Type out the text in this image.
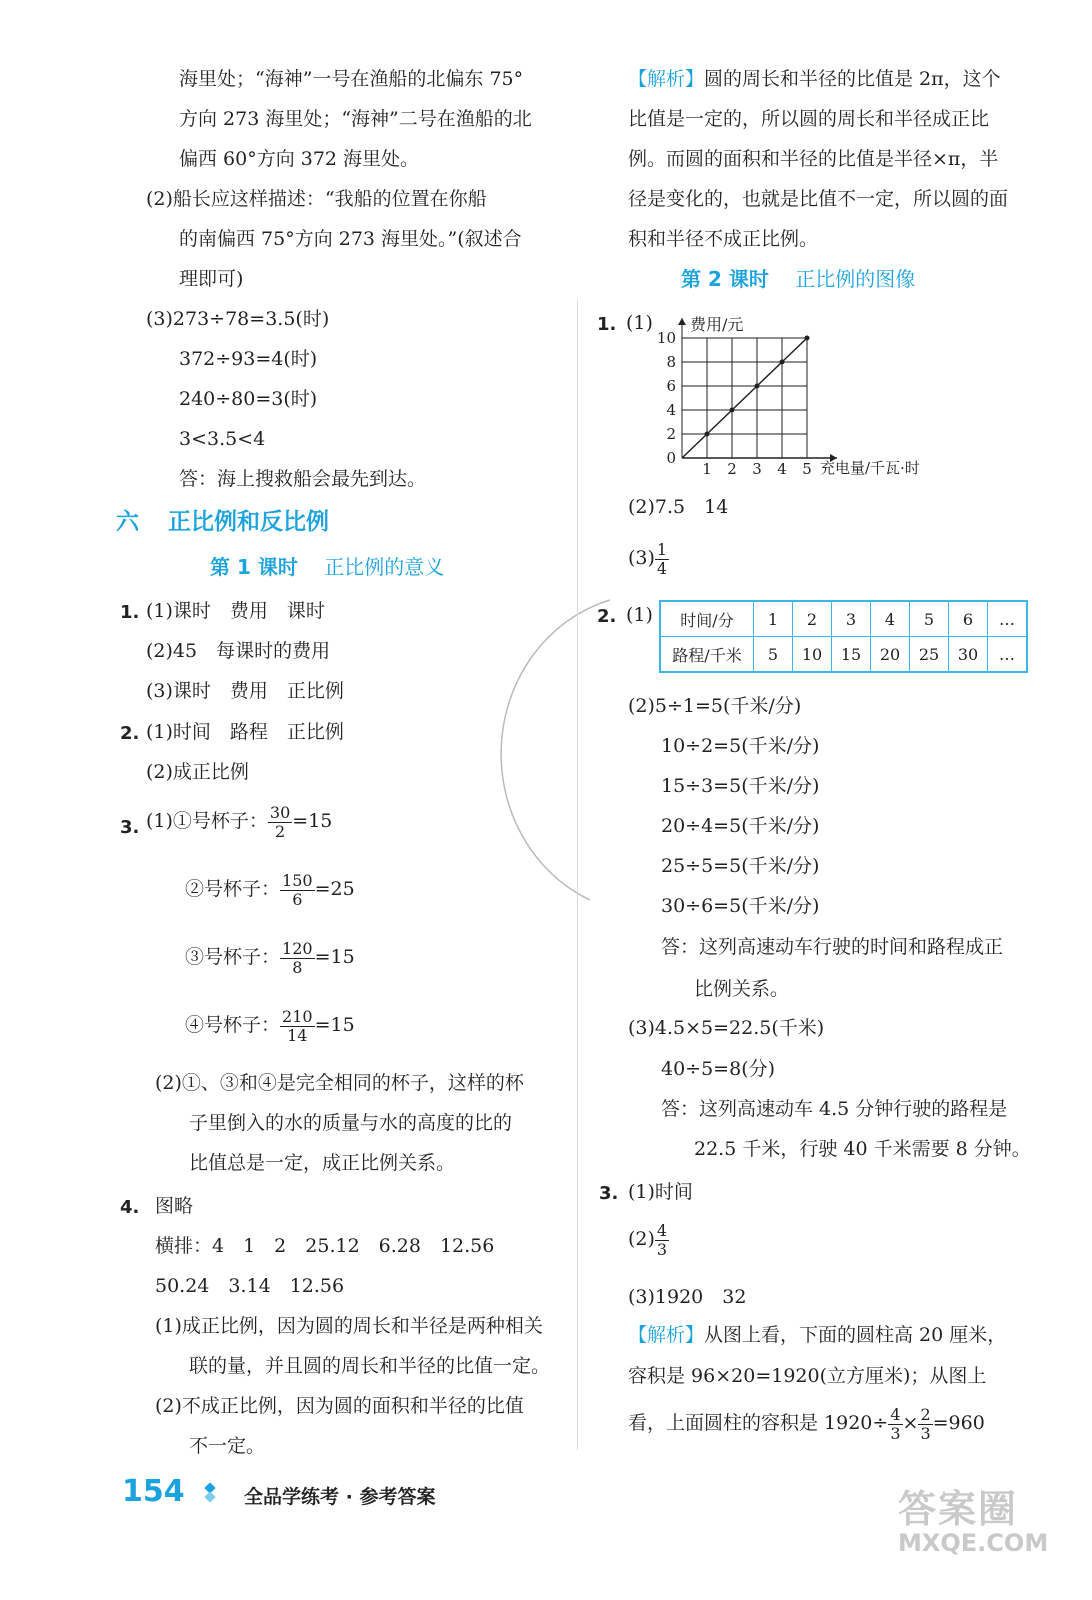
海里处；“海神”一号在渔船的北偏东 75°
方向 273 海里处；“海神”二号在渔船的北
偏西 60°方向 372 海里处。
(2)船长应这样描述：“我船的位置在你船
的南偏西 75°方向 273 海里处。”(叙述合
理即可)
(3)273÷78=3.5(时)
372÷93=4(时)
240÷80=3(时)
3<3.5<4
答：海上搜救船会最先到达。
六 正比例和反比例
第 1 课时 正比例的意义
1. (1)课时　费用　课时
(2)45　每课时的费用
(3)课时　费用　正比例
2. (1)时间　路程　正比例
(2)成正比例
3. (1)①号杯子： $\frac{30}{2} =15$
②号杯子： $\frac{150}{6} =25$
③号杯子： $\frac{120}{8} =15$
④号杯子： $\frac{210}{14} =15$
(2)①、③和④是完全相同的杯子，这样的杯
子里倒入的水的质量与水的高度的比的
比值总是一定，成正比例关系。
4. 图略
横排：4　1　2　25.12　6.28　12.56
50.24　3.14　12.56
(1)成正比例，因为圆的周长和半径是两种相关
联的量，并且圆的周长和半径的比值一定。
(2)不成正比例，因为圆的面积和半径的比值
不一定。
【解析】圆的周长和半径的比值是 2π，这个
比值是一定的，所以圆的周长和半径成正比
例。而圆的面积和半径的比值是半径×π，半
径是变化的，也就是比值不一定，所以圆的面
积和半径不成正比例。
第 2 课时 正比例的图像
1. (1)
1 2 3 4 5
0
2
4
6
8
10
费用/元
充电量/千瓦·时
(2)7.5　14
$(3) \frac{1}{4}$
2. (1) 时间/分	1	2	3	4	5	6	…
路程/千米	5	10	15	20	25	30	…
(2)5÷1=5(千米/分)
10÷2=5(千米/分)
15÷3=5(千米/分)
20÷4=5(千米/分)
25÷5=5(千米/分)
30÷6=5(千米/分)
答：这列高速动车行驶的时间和路程成正
比例关系。
(3)4.5×5=22.5(千米)
40÷5=8(分)
答：这列高速动车 4.5 分钟行驶的路程是
22.5 千米，行驶 40 千米需要 8 分钟。
3. (1)时间
$(2) \frac{4}{3}$
(3)1920　32
【解析】从图上看，下面的圆柱高 20 厘米，
容积是 96×20=1920(立方厘米)；从图上
看，上面圆柱的容积是 $1920\div \frac{4}{3} \times \frac{2}{3} =960$
154	全品学练考 · 参考答案	答案圈
MXQE.COM
